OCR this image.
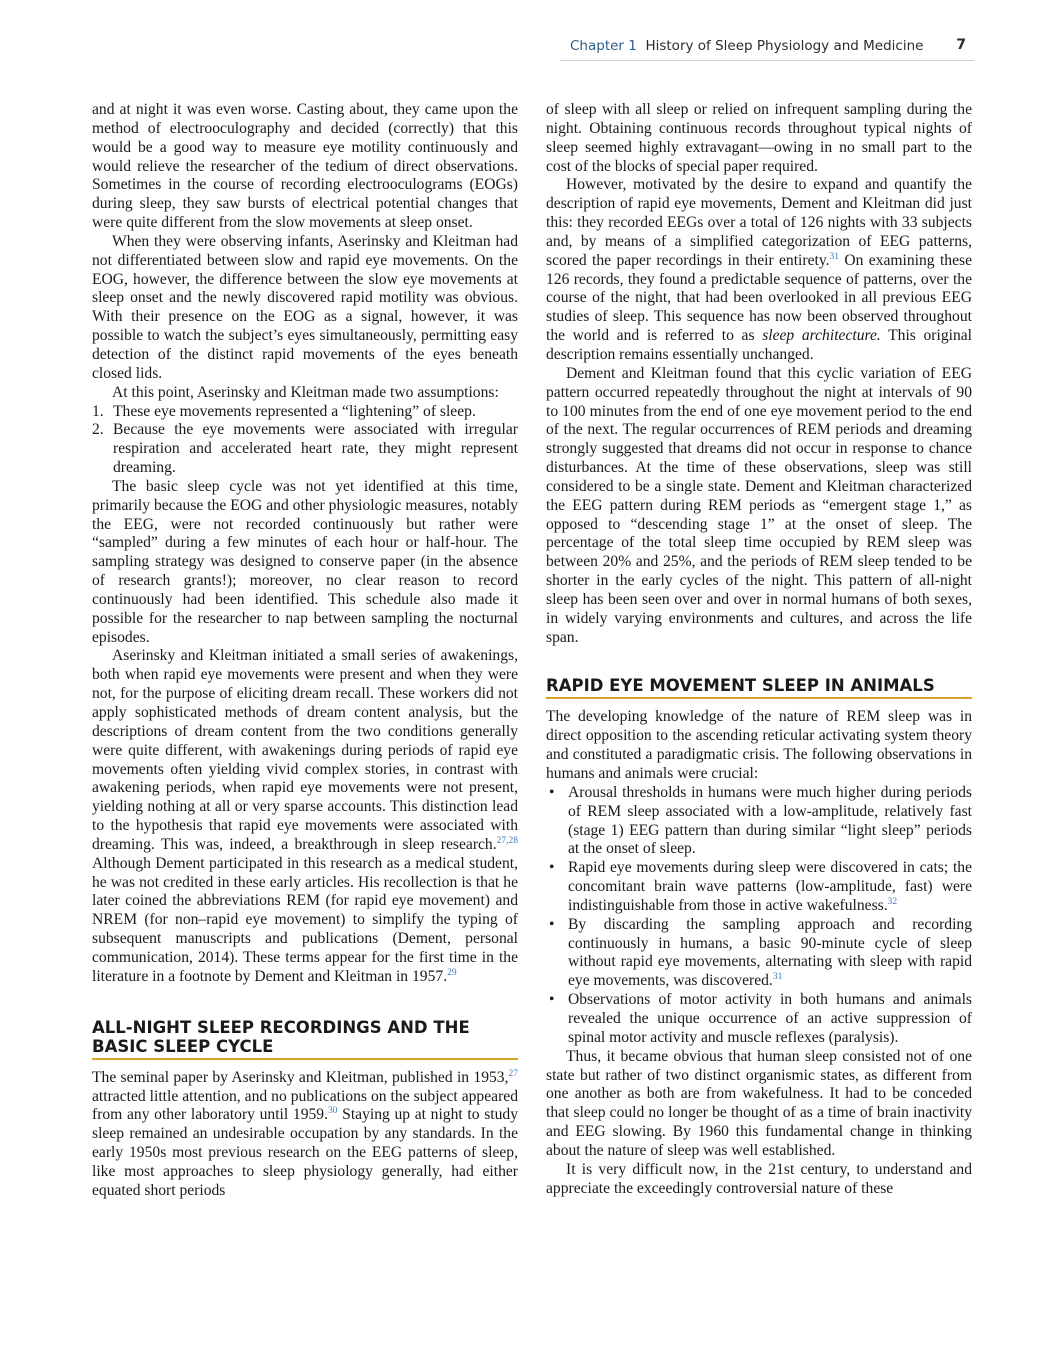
Chapter 1 History of Sleep Physiology and Medicine 7

and at night it was even worse. Casting about, they came upon the method of electrooculography and decided (correctly) that this would be a good way to measure eye motility continuously and would relieve the researcher of the tedium of direct observations. Sometimes in the course of recording electrooculograms (EOGs) during sleep, they saw bursts of electrical potential changes that were quite different from the slow movements at sleep onset.

When they were observing infants, Aserinsky and Kleitman had not differentiated between slow and rapid eye movements. On the EOG, however, the difference between the slow eye movements at sleep onset and the newly discovered rapid motility was obvious. With their presence on the EOG as a signal, however, it was possible to watch the subject’s eyes simultaneously, permitting easy detection of the distinct rapid movements of the eyes beneath closed lids.

At this point, Aserinsky and Kleitman made two assumptions:

1. These eye movements represented a “lightening” of sleep.
2. Because the eye movements were associated with irregular respiration and accelerated heart rate, they might represent dreaming.

The basic sleep cycle was not yet identified at this time, primarily because the EOG and other physiologic measures, notably the EEG, were not recorded continuously but rather were “sampled” during a few minutes of each hour or half-hour. The sampling strategy was designed to conserve paper (in the absence of research grants!); moreover, no clear reason to record continuously had been identified. This schedule also made it possible for the researcher to nap between sampling the nocturnal episodes.

Aserinsky and Kleitman initiated a small series of awakenings, both when rapid eye movements were present and when they were not, for the purpose of eliciting dream recall. These workers did not apply sophisticated methods of dream content analysis, but the descriptions of dream content from the two conditions generally were quite different, with awakenings during periods of rapid eye movements often yielding vivid complex stories, in contrast with awakening periods, when rapid eye movements were not present, yielding nothing at all or very sparse accounts. This distinction lead to the hypothesis that rapid eye movements were associated with dreaming. This was, indeed, a breakthrough in sleep research.$^{27,28}$ Although Dement participated in this research as a medical student, he was not credited in these early articles. His recollection is that he later coined the abbreviations REM (for rapid eye movement) and NREM (for non–rapid eye movement) to simplify the typing of subsequent manuscripts and publications (Dement, personal communication, 2014). These terms appear for the first time in the literature in a footnote by Dement and Kleitman in 1957.29

ALL-NIGHT SLEEP RECORDINGS AND THE BASIC SLEEP CYCLE

The seminal paper by Aserinsky and Kleitman, published in 1953,27 attracted little attention, and no publications on the subject appeared from any other laboratory until 1959.30 Staying up at night to study sleep remained an undesirable occupation by any standards. In the early 1950s most previous research on the EEG patterns of sleep, like most approaches to sleep physiology generally, had either equated short periods

of sleep with all sleep or relied on infrequent sampling during the night. Obtaining continuous records throughout typical nights of sleep seemed highly extravagant—owing in no small part to the cost of the blocks of special paper required.

However, motivated by the desire to expand and quantify the description of rapid eye movements, Dement and Kleitman did just this: they recorded EEGs over a total of 126 nights with 33 subjects and, by means of a simplified categorization of EEG patterns, scored the paper recordings in their entirety.$^{31}$ On examining these 126 records, they found a predictable sequence of patterns, over the course of the night, that had been overlooked in all previous EEG studies of sleep. This sequence has now been observed throughout the world and is referred to as sleep architecture. This original description remains essentially unchanged.

Dement and Kleitman found that this cyclic variation of EEG pattern occurred repeatedly throughout the night at intervals of 90 to 100 minutes from the end of one eye movement period to the end of the next. The regular occurrences of REM periods and dreaming strongly suggested that dreams did not occur in response to chance disturbances. At the time of these observations, sleep was still considered to be a single state. Dement and Kleitman characterized the EEG pattern during REM periods as “emergent stage 1,” as opposed to “descending stage 1” at the onset of sleep. The percentage of the total sleep time occupied by REM sleep was between 20% and 25%, and the periods of REM sleep tended to be shorter in the early cycles of the night. This pattern of all-night sleep has been seen over and over in normal humans of both sexes, in widely varying environments and cultures, and across the life span.

RAPID EYE MOVEMENT SLEEP IN ANIMALS

The developing knowledge of the nature of REM sleep was in direct opposition to the ascending reticular activating system theory and constituted a paradigmatic crisis. The following observations in humans and animals were crucial:

• Arousal thresholds in humans were much higher during periods of REM sleep associated with a low-amplitude, relatively fast (stage 1) EEG pattern than during similar “light sleep” periods at the onset of sleep.
• Rapid eye movements during sleep were discovered in cats; the concomitant brain wave patterns (low-amplitude, fast) were indistinguishable from those in active wakefulness.$^{32}$
• By discarding the sampling approach and recording continuously in humans, a basic 90-minute cycle of sleep without rapid eye movements, alternating with sleep with rapid eye movements, was discovered.$^{31}$
• Observations of motor activity in both humans and animals revealed the unique occurrence of an active suppression of spinal motor activity and muscle reflexes (paralysis).

Thus, it became obvious that human sleep consisted not of one state but rather of two distinct organismic states, as different from one another as both are from wakefulness. It had to be conceded that sleep could no longer be thought of as a time of brain inactivity and EEG slowing. By 1960 this fundamental change in thinking about the nature of sleep was well established.

It is very difficult now, in the 21st century, to understand and appreciate the exceedingly controversial nature of these
